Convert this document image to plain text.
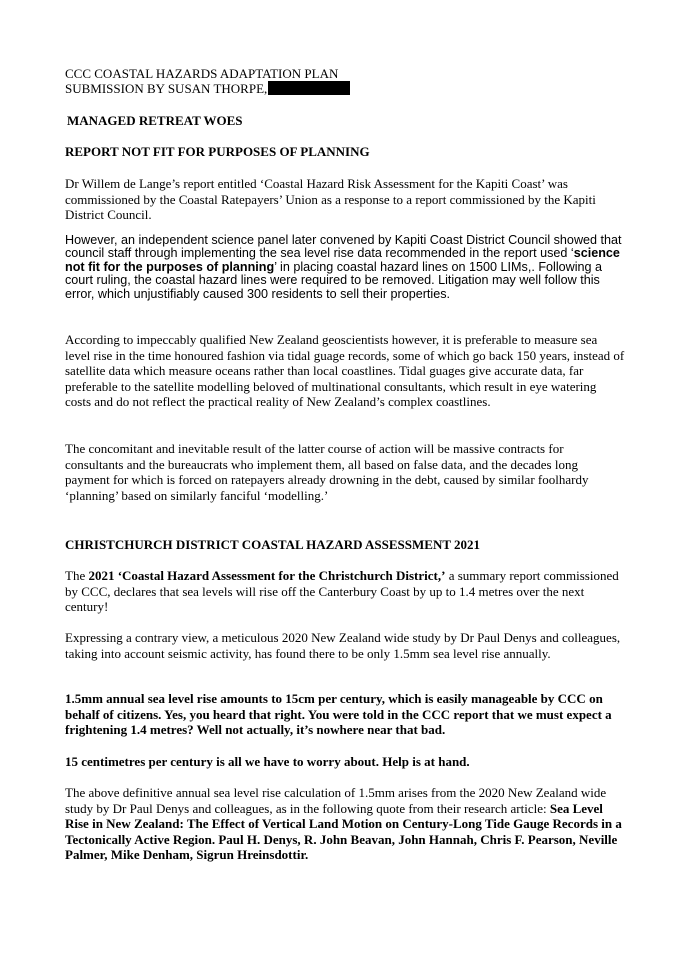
CCC COASTAL HAZARDS ADAPTATION PLAN
SUBMISSION BY SUSAN THORPE,
MANAGED RETREAT WOES
REPORT NOT FIT FOR PURPOSES OF PLANNING

Dr Willem de Lange’s report entitled ‘Coastal Hazard Risk Assessment for the Kapiti Coast’ was commissioned by the Coastal Ratepayers’ Union as a response to a report commissioned by the Kapiti District Council.

However, an independent science panel later convened by Kapiti Coast District Council showed that council staff through implementing the sea level rise data recommended in the report used ‘science not fit for the purposes of planning’ in placing coastal hazard lines on 1500 LIMs,. Following a court ruling, the coastal hazard lines were required to be removed. Litigation may well follow this error, which unjustifiably caused 300 residents to sell their properties.

According to impeccably qualified New Zealand geoscientists however, it is preferable to measure sea level rise in the time honoured fashion via tidal guage records, some of which go back 150 years, instead of satellite data which measure oceans rather than local coastlines. Tidal guages give accurate data, far preferable to the satellite modelling beloved of multinational consultants, which result in eye watering costs and do not reflect the practical reality of New Zealand’s complex coastlines.

The concomitant and inevitable result of the latter course of action will be massive contracts for consultants and the bureaucrats who implement them, all based on false data, and the decades long payment for which is forced on ratepayers already drowning in the debt, caused by similar foolhardy ‘planning’ based on similarly fanciful ‘modelling.’

CHRISTCHURCH DISTRICT COASTAL HAZARD ASSESSMENT 2021

The 2021 ‘Coastal Hazard Assessment for the Christchurch District,’ a summary report commissioned by CCC, declares that sea levels will rise off the Canterbury Coast by up to 1.4 metres over the next century!

Expressing a contrary view, a meticulous 2020 New Zealand wide study by Dr Paul Denys and colleagues, taking into account seismic activity, has found there to be only 1.5mm sea level rise annually.

1.5mm annual sea level rise amounts to 15cm per century, which is easily manageable by CCC on behalf of citizens. Yes, you heard that right. You were told in the CCC report that we must expect a frightening 1.4 metres? Well not actually, it’s nowhere near that bad.

15 centimetres per century is all we have to worry about. Help is at hand.

The above definitive annual sea level rise calculation of 1.5mm arises from the 2020 New Zealand wide study by Dr Paul Denys and colleagues, as in the following quote from their research article: Sea Level Rise in New Zealand: The Effect of Vertical Land Motion on Century-Long Tide Gauge Records in a Tectonically Active Region. Paul H. Denys, R. John Beavan, John Hannah, Chris F. Pearson, Neville Palmer, Mike Denham, Sigrun Hreinsdottir.
